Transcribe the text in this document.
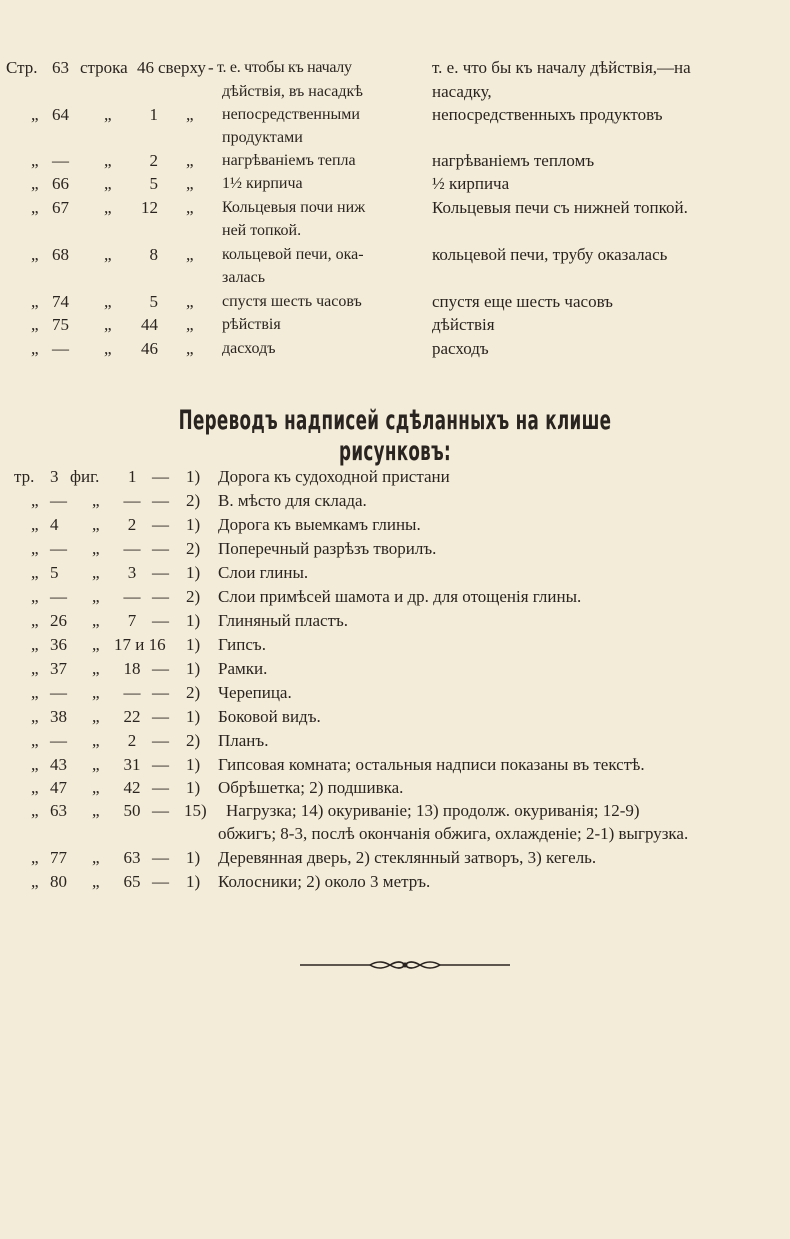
Стр. 63 строка 46 сверху - т. е. чтобы къ началу	т. е. что бы къ началу дѣйствія,—на
дѣйствія, въ насадкѣ	насадку,
„ 64 „	1 „ непосредственными	непосредственныхъ продуктовъ
продуктами
„ — „	2 „ нагрѣваніемъ тепла	нагрѣваніемъ тепломъ
„ 66 „	5 „ 1½ кирпича	½ кирпича
„ 67 „	12 „ Кольцевыя почи ниж	Кольцевыя печи съ нижней топкой.
ней топкой.
„ 68 „	8 „ кольцевой печи, ока-	кольцевой печи, трубу оказалась
залась
„ 74 „	5 „ спустя шесть часовъ	спустя еще шесть часовъ
„ 75 „	44 „ рѣйствія	дѣйствія
„ — „	46 „ дасходъ	расходъ
Переводъ надписей сдѣланныхъ на клише рисунковъ:
тр. 3 фиг. 1 — 1) Дорога къ судоходной пристани
„ — „	— — 2) В. мѣсто для склада.
„ 4 „	2 — 1) Дорога къ выемкамъ глины.
„ — „	— — 2) Поперечный разрѣзъ творилъ.
„ 5 „	3 — 1) Слои глины.
„ — „	— — 2) Слои примѣсей шамота и др. для отощенія глины.
„ 26 „	7 — 1) Глиняный пластъ.
„ 36 „ 17 и 16 1) Гипсъ.
„ 37 „	18 — 1) Рамки.
„ — „	— — 2) Черепица.
„ 38 „	22 — 1) Боковой видъ.
„ — „	2 — 2) Планъ.
„ 43 „	31 — 1) Гипсовая комната; остальныя надписи показаны въ текстѣ.
„ 47 „	42 — 1) Обрѣшетка; 2) подшивка.
„ 63 „	50 — 15) Нагрузка; 14) окуриваніе; 13) продолж. окуриванія; 12-9)
обжигъ; 8-3, послѣ окончанія обжига, охлажденіе; 2-1) выгрузка.
„ 77 „	63 — 1) Деревянная дверь, 2) стеклянный затворъ, 3) кегель.
„ 80 „	65 — 1) Колосники; 2) около 3 метръ.
